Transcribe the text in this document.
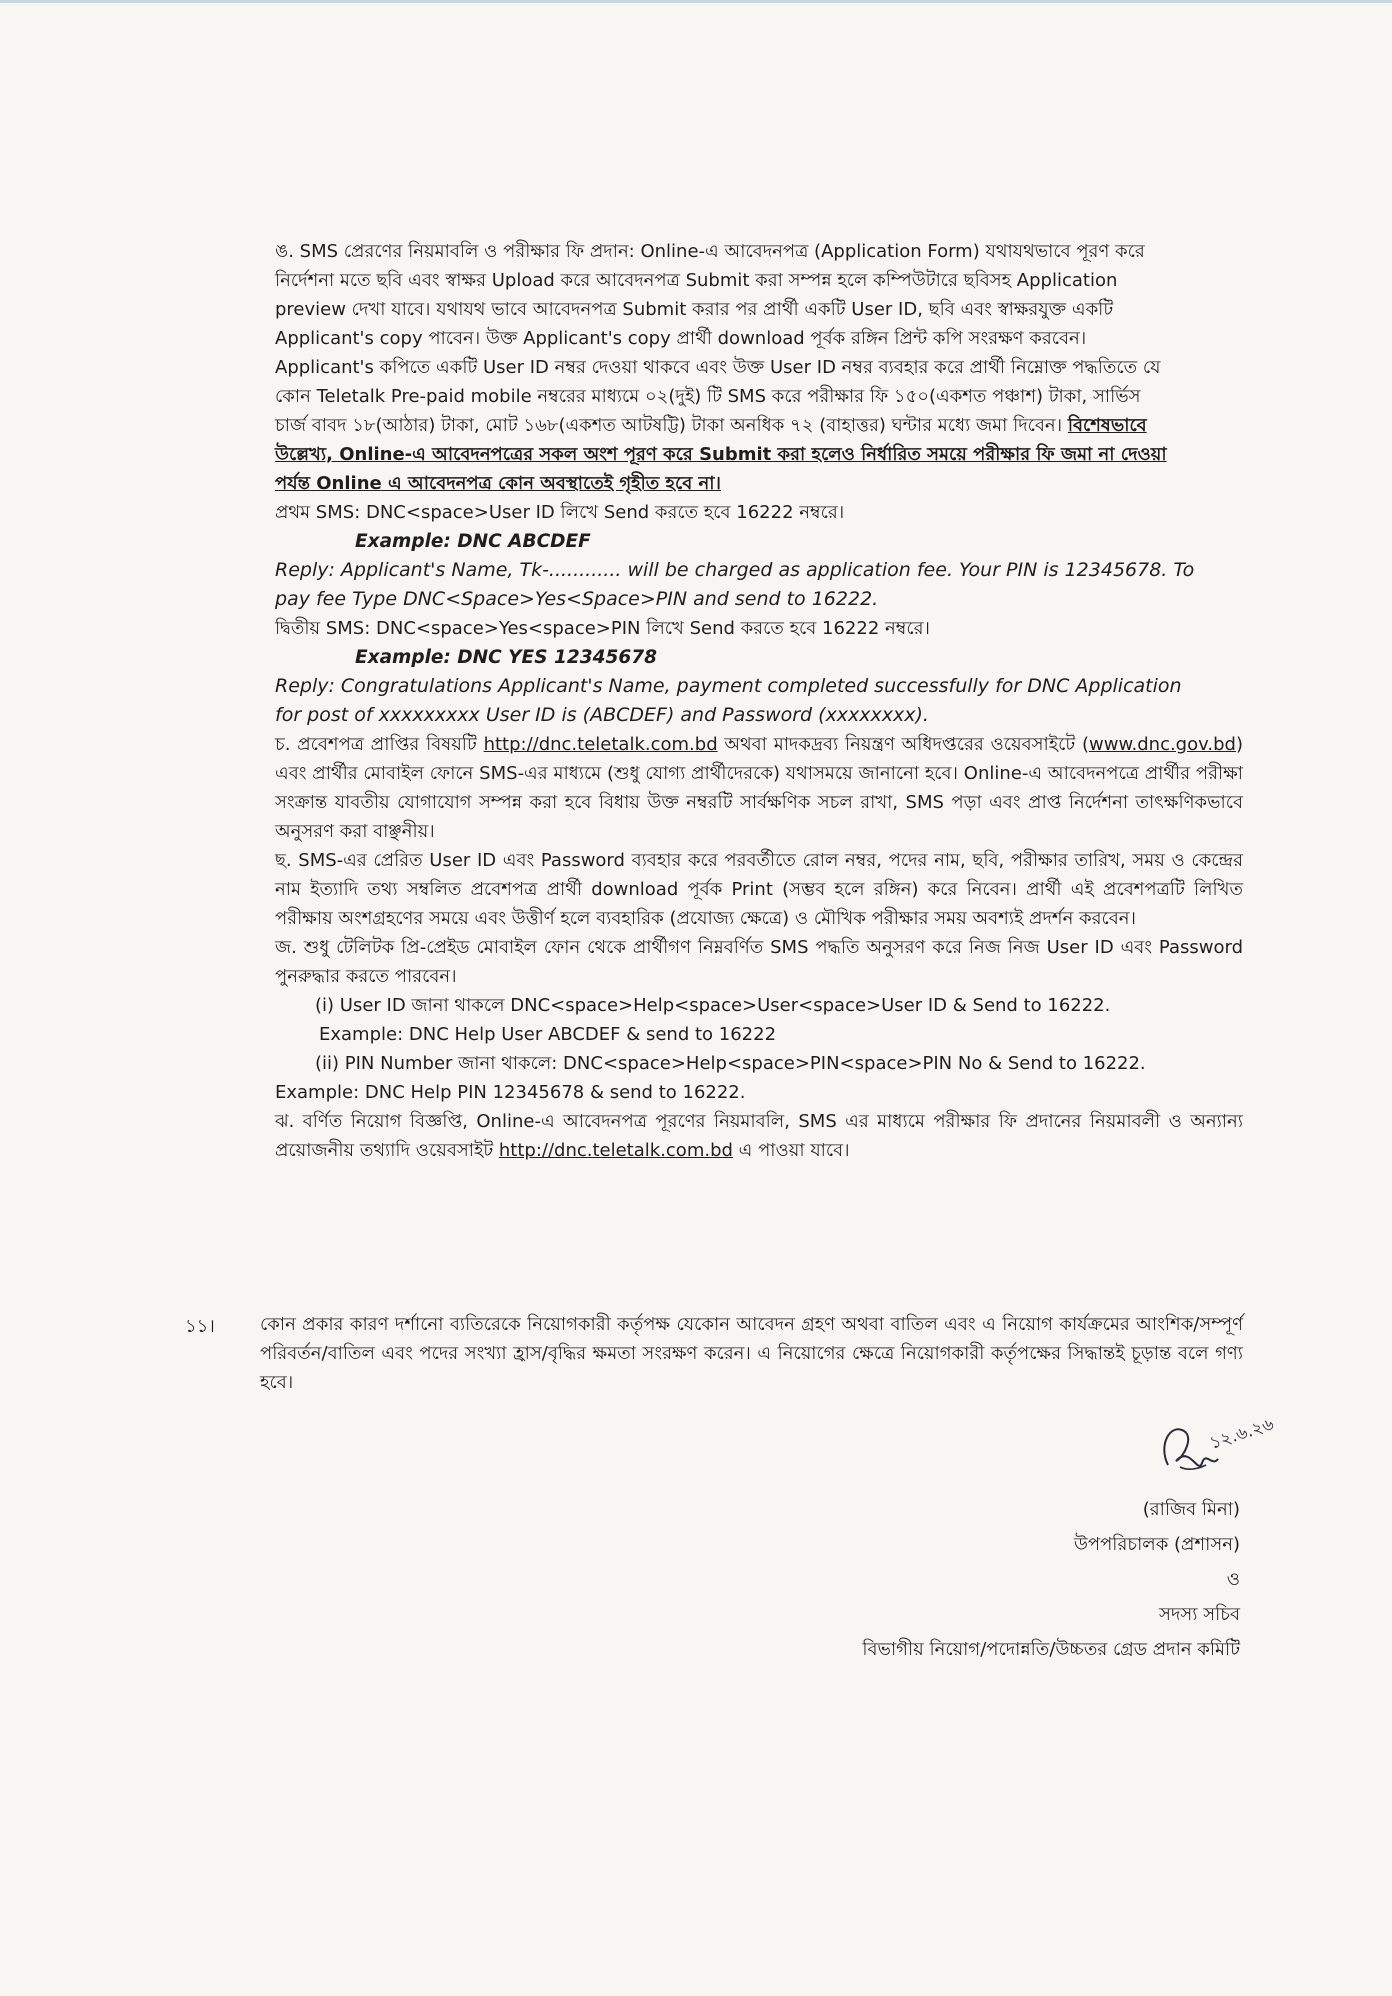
ঙ. SMS প্রেরণের নিয়মাবলি ও পরীক্ষার ফি প্রদান: Online-এ আবেদনপত্র (Application Form) যথাযথভাবে পূরণ করে

নির্দেশনা মতে ছবি এবং স্বাক্ষর Upload করে আবেদনপত্র Submit করা সম্পন্ন হলে কম্পিউটারে ছবিসহ Application

preview দেখা যাবে। যথাযথ ভাবে আবেদনপত্র Submit করার পর প্রার্থী একটি User ID, ছবি এবং স্বাক্ষরযুক্ত একটি

Applicant's copy পাবেন। উক্ত Applicant's copy প্রার্থী download পূর্বক রঙ্গিন প্রিন্ট কপি সংরক্ষণ করবেন।

Applicant's কপিতে একটি User ID নম্বর দেওয়া থাকবে এবং উক্ত User ID নম্বর ব্যবহার করে প্রার্থী নিম্নোক্ত পদ্ধতিতে যে

কোন Teletalk Pre-paid mobile নম্বরের মাধ্যমে ০২(দুই) টি SMS করে পরীক্ষার ফি ১৫০(একশত পঞ্চাশ) টাকা, সার্ভিস

চার্জ বাবদ ১৮(আঠার) টাকা, মোট ১৬৮(একশত আটষট্টি) টাকা অনধিক ৭২ (বাহাত্তর) ঘন্টার মধ্যে জমা দিবেন। বিশেষভাবে

উল্লেখ্য, Online-এ আবেদনপত্রের সকল অংশ পূরণ করে Submit করা হলেও নির্ধারিত সময়ে পরীক্ষার ফি জমা না দেওয়া

পর্যন্ত Online এ আবেদনপত্র কোন অবস্থাতেই গৃহীত হবে না।

প্রথম SMS: DNC<space>User ID লিখে Send করতে হবে 16222 নম্বরে।

Example: DNC ABCDEF

Reply: Applicant's Name, Tk-............ will be charged as application fee. Your PIN is 12345678. To

pay fee Type DNC<Space>Yes<Space>PIN and send to 16222.

দ্বিতীয় SMS: DNC<space>Yes<space>PIN লিখে Send করতে হবে 16222 নম্বরে।

Example: DNC YES 12345678

Reply: Congratulations Applicant's Name, payment completed successfully for DNC Application

for post of xxxxxxxxx User ID is (ABCDEF) and Password (xxxxxxxx).

চ. প্রবেশপত্র প্রাপ্তির বিষয়টি http://dnc.teletalk.com.bd অথবা মাদকদ্রব্য নিয়ন্ত্রণ অধিদপ্তরের ওয়েবসাইটে (www.dnc.gov.bd) এবং প্রার্থীর মোবাইল ফোনে SMS-এর মাধ্যমে (শুধু যোগ্য প্রার্থীদেরকে) যথাসময়ে জানানো হবে। Online-এ আবেদনপত্রে প্রার্থীর পরীক্ষা সংক্রান্ত যাবতীয় যোগাযোগ সম্পন্ন করা হবে বিধায় উক্ত নম্বরটি সার্বক্ষণিক সচল রাখা, SMS পড়া এবং প্রাপ্ত নির্দেশনা তাৎক্ষণিকভাবে অনুসরণ করা বাঞ্ছনীয়।

ছ. SMS-এর প্রেরিত User ID এবং Password ব্যবহার করে পরবর্তীতে রোল নম্বর, পদের নাম, ছবি, পরীক্ষার তারিখ, সময় ও কেন্দ্রের নাম ইত্যাদি তথ্য সম্বলিত প্রবেশপত্র প্রার্থী download পূর্বক Print (সম্ভব হলে রঙ্গিন) করে নিবেন। প্রার্থী এই প্রবেশপত্রটি লিখিত পরীক্ষায় অংশগ্রহণের সময়ে এবং উত্তীর্ণ হলে ব্যবহারিক (প্রযোজ্য ক্ষেত্রে) ও মৌখিক পরীক্ষার সময় অবশ্যই প্রদর্শন করবেন।

জ. শুধু টেলিটক প্রি-প্রেইড মোবাইল ফোন থেকে প্রার্থীগণ নিম্নবর্ণিত SMS পদ্ধতি অনুসরণ করে নিজ নিজ User ID এবং Password পুনরুদ্ধার করতে পারবেন।

(i) User ID জানা থাকলে DNC<space>Help<space>User<space>User ID & Send to 16222.

Example: DNC Help User ABCDEF & send to 16222

(ii) PIN Number জানা থাকলে: DNC<space>Help<space>PIN<space>PIN No & Send to 16222.

Example: DNC Help PIN 12345678 & send to 16222.

ঝ. বর্ণিত নিয়োগ বিজ্ঞপ্তি, Online-এ আবেদনপত্র পূরণের নিয়মাবলি, SMS এর মাধ্যমে পরীক্ষার ফি প্রদানের নিয়মাবলী ও অন্যান্য প্রয়োজনীয় তথ্যাদি ওয়েবসাইট http://dnc.teletalk.com.bd এ পাওয়া যাবে।

১১।	কোন প্রকার কারণ দর্শানো ব্যতিরেকে নিয়োগকারী কর্তৃপক্ষ যেকোন আবেদন গ্রহণ অথবা বাতিল এবং এ নিয়োগ কার্যক্রমের আংশিক/সম্পূর্ণ পরিবর্তন/বাতিল এবং পদের সংখ্যা হ্রাস/বৃদ্ধির ক্ষমতা সংরক্ষণ করেন। এ নিয়োগের ক্ষেত্রে নিয়োগকারী কর্তৃপক্ষের সিদ্ধান্তই চূড়ান্ত বলে গণ্য হবে।

১২.৬.২৬
(রাজিব মিনা)
উপপরিচালক (প্রশাসন)
ও
সদস্য সচিব
বিভাগীয় নিয়োগ/পদোন্নতি/উচ্চতর গ্রেড প্রদান কমিটি
